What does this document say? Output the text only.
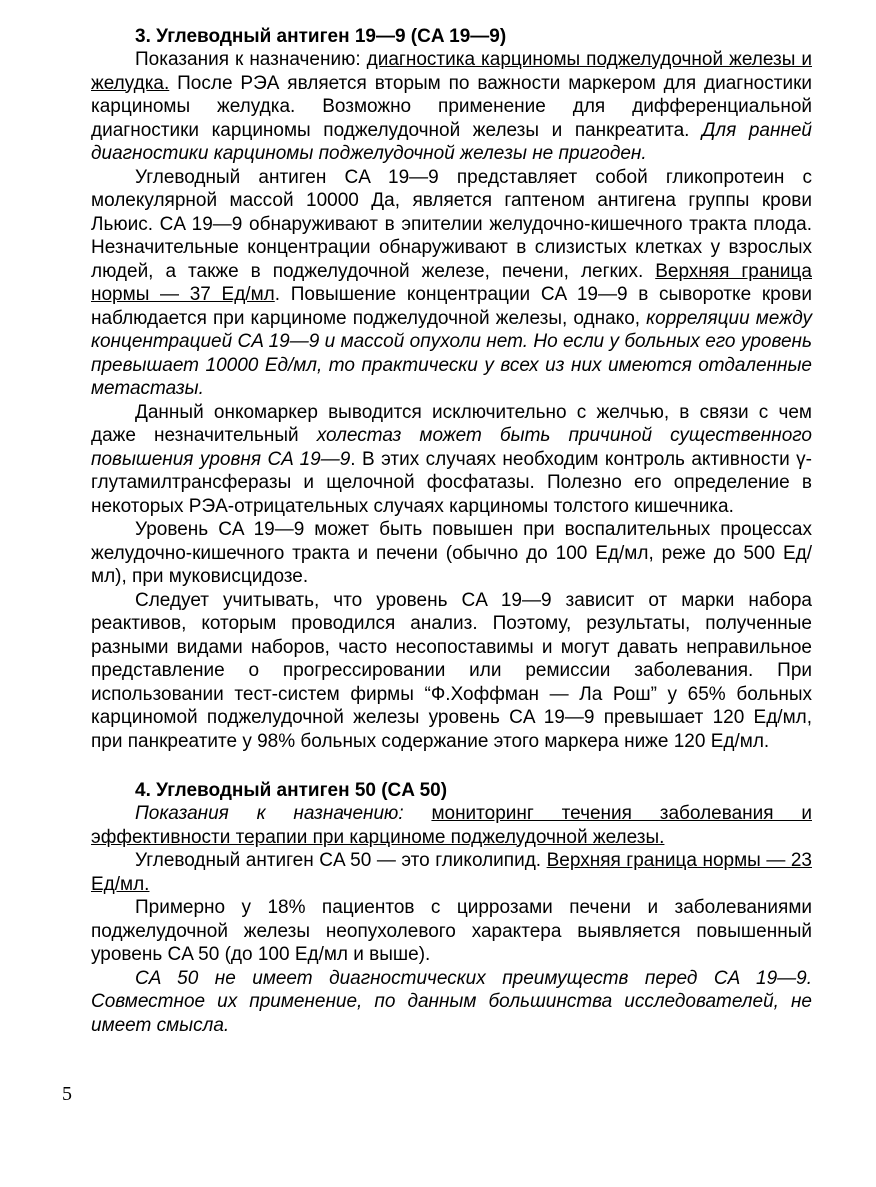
3. Углеводный антиген 19—9 (CA 19—9)

Показания к назначению: диагностика карциномы поджелудочной железы и желудка. После РЭА является вторым по важности маркером для диагностики карциномы желудка. Возможно применение для дифференциальной диагностики карциномы поджелудочной железы и панкреатита. Для ранней диагностики карциномы поджелудочной железы не пригоден.

Углеводный антиген CA 19—9 представляет собой гликопротеин с молекулярной массой 10000 Да, является гаптеном антигена группы крови Льюис. CA 19—9 обнаруживают в эпителии желудочно-кишечного тракта плода. Незначительные концентрации обнаруживают в слизистых клетках у взрослых людей, а также в поджелудочной железе, печени, легких. Верхняя граница нормы — 37 Ед/мл. Повышение концентрации CA 19—9 в сыворотке крови наблюдается при карциноме поджелудочной железы, однако, корреляции между концентрацией CA 19—9 и массой опухоли нет. Но если у больных его уровень превышает 10000 Ед/мл, то практически у всех из них имеются отдаленные метастазы.

Данный онкомаркер выводится исключительно с желчью, в связи с чем даже незначительный холестаз может быть причиной существенного повышения уровня CA 19—9. В этих случаях необходим контроль активности γ-глутамилтрансферазы и щелочной фосфатазы. Полезно его определение в некоторых РЭА-отрицательных случаях карциномы толстого кишечника.

Уровень CA 19—9 может быть повышен при воспалительных процессах желудочно-кишечного тракта и печени (обычно до 100 Ед/мл, реже до 500 Ед/мл), при муковисцидозе.

Следует учитывать, что уровень CA 19—9 зависит от марки набора реактивов, которым проводился анализ. Поэтому, результаты, полученные разными видами наборов, часто несопоставимы и могут давать неправильное представление о прогрессировании или ремиссии заболевания. При использовании тест-систем фирмы “Ф.Хоффман — Ла Рош” у 65% больных карциномой поджелудочной железы уровень CA 19—9 превышает 120 Ед/мл, при панкреатите у 98% больных содержание этого маркера ниже 120 Ед/мл.

4. Углеводный антиген 50 (CA 50)

Показания к назначению: мониторинг течения заболевания и эффективности терапии при карциноме поджелудочной железы.

Углеводный антиген CA 50 — это гликолипид. Верхняя граница нормы — 23 Ед/мл.

Примерно у 18% пациентов с циррозами печени и заболеваниями поджелудочной железы неопухолевого характера выявляется повышенный уровень CA 50 (до 100 Ед/мл и выше).

CA 50 не имеет диагностических преимуществ перед CA 19—9. Совместное их применение, по данным большинства исследователей, не имеет смысла.

5
